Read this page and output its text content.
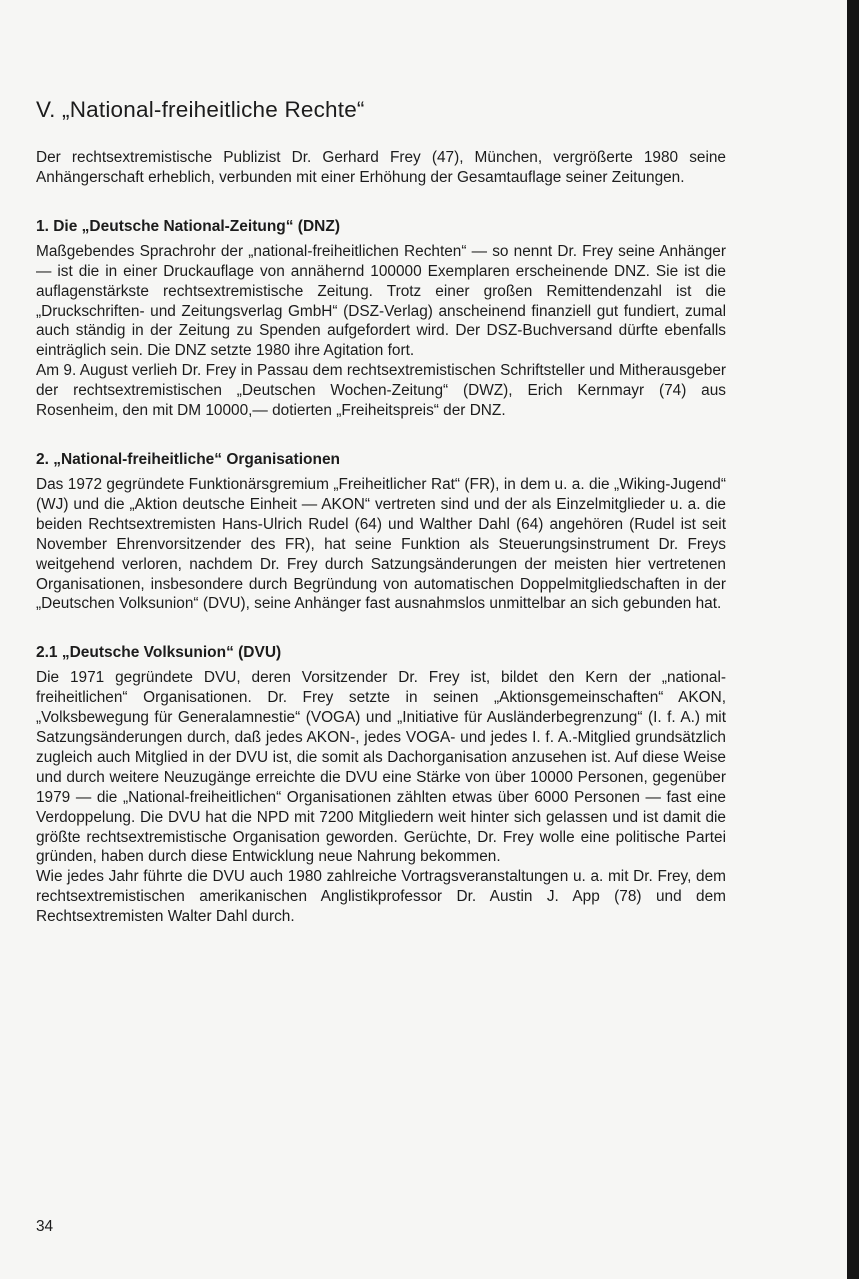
V. „National-freiheitliche Rechte“

Der rechtsextremistische Publizist Dr. Gerhard Frey (47), München, vergrößerte 1980 seine Anhängerschaft erheblich, verbunden mit einer Erhöhung der Gesamtauflage seiner Zeitungen.

1. Die „Deutsche National-Zeitung“ (DNZ)

Maßgebendes Sprachrohr der „national-freiheitlichen Rechten“ — so nennt Dr. Frey seine Anhänger — ist die in einer Druckauflage von annähernd 100000 Exemplaren erscheinende DNZ. Sie ist die auflagenstärkste rechtsextremistische Zeitung. Trotz einer großen Remittendenzahl ist die „Druckschriften- und Zeitungsverlag GmbH“ (DSZ-Verlag) anscheinend finanziell gut fundiert, zumal auch ständig in der Zeitung zu Spenden aufgefordert wird. Der DSZ-Buchversand dürfte ebenfalls einträglich sein. Die DNZ setzte 1980 ihre Agitation fort.

Am 9. August verlieh Dr. Frey in Passau dem rechtsextremistischen Schriftsteller und Mitherausgeber der rechtsextremistischen „Deutschen Wochen-Zeitung“ (DWZ), Erich Kernmayr (74) aus Rosenheim, den mit DM 10000,— dotierten „Freiheitspreis“ der DNZ.

2. „National-freiheitliche“ Organisationen

Das 1972 gegründete Funktionärsgremium „Freiheitlicher Rat“ (FR), in dem u. a. die „Wiking-Jugend“ (WJ) und die „Aktion deutsche Einheit — AKON“ vertreten sind und der als Einzelmitglieder u. a. die beiden Rechtsextremisten Hans-Ulrich Rudel (64) und Walther Dahl (64) angehören (Rudel ist seit November Ehrenvorsitzender des FR), hat seine Funktion als Steuerungsinstrument Dr. Freys weitgehend verloren, nachdem Dr. Frey durch Satzungsänderungen der meisten hier vertretenen Organisationen, insbesondere durch Begründung von automatischen Doppelmitgliedschaften in der „Deutschen Volksunion“ (DVU), seine Anhänger fast ausnahmslos unmittelbar an sich gebunden hat.

2.1 „Deutsche Volksunion“ (DVU)

Die 1971 gegründete DVU, deren Vorsitzender Dr. Frey ist, bildet den Kern der „national-freiheitlichen“ Organisationen. Dr. Frey setzte in seinen „Aktionsgemeinschaften“ AKON, „Volksbewegung für Generalamnestie“ (VOGA) und „Initiative für Ausländerbegrenzung“ (I. f. A.) mit Satzungsänderungen durch, daß jedes AKON-, jedes VOGA- und jedes I. f. A.-Mitglied grundsätzlich zugleich auch Mitglied in der DVU ist, die somit als Dachorganisation anzusehen ist. Auf diese Weise und durch weitere Neuzugänge erreichte die DVU eine Stärke von über 10000 Personen, gegenüber 1979 — die „National-freiheitlichen“ Organisationen zählten etwas über 6000 Personen — fast eine Verdoppelung. Die DVU hat die NPD mit 7200 Mitgliedern weit hinter sich gelassen und ist damit die größte rechtsextremistische Organisation geworden. Gerüchte, Dr. Frey wolle eine politische Partei gründen, haben durch diese Entwicklung neue Nahrung bekommen.

Wie jedes Jahr führte die DVU auch 1980 zahlreiche Vortragsveranstaltungen u. a. mit Dr. Frey, dem rechtsextremistischen amerikanischen Anglistikprofessor Dr. Austin J. App (78) und dem Rechtsextremisten Walter Dahl durch.

34
